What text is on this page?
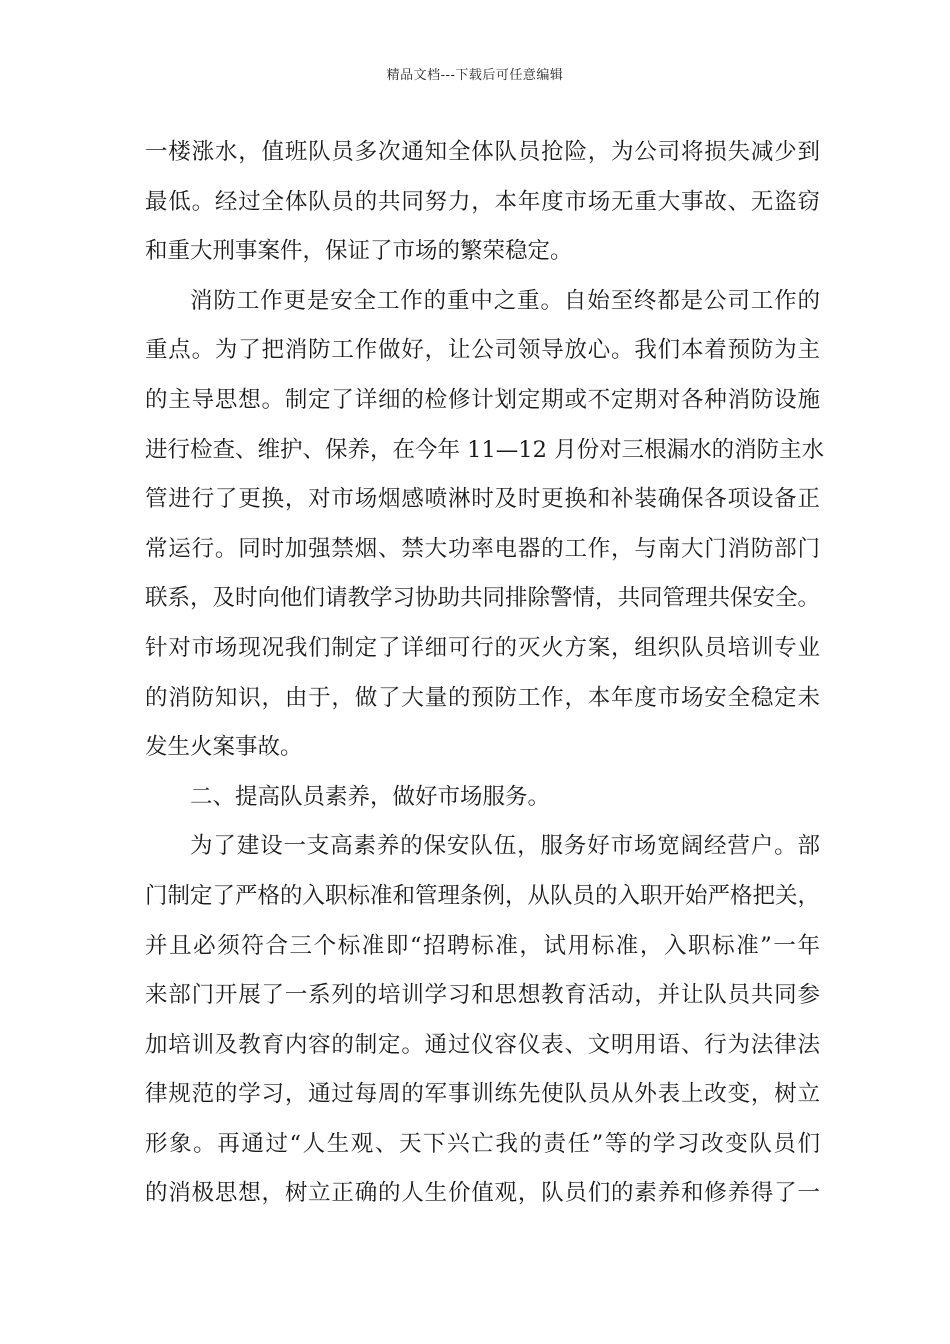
精品文档---下载后可任意编辑
一楼涨水，值班队员多次通知全体队员抢险，为公司将损失减少到
最低。经过全体队员的共同努力，本年度市场无重大事故、无盗窃
和重大刑事案件，保证了市场的繁荣稳定。
消防工作更是安全工作的重中之重。自始至终都是公司工作的
重点。为了把消防工作做好，让公司领导放心。我们本着预防为主
的主导思想。制定了详细的检修计划定期或不定期对各种消防设施
进行检查、维护、保养，在今年 11—12 月份对三根漏水的消防主水
管进行了更换，对市场烟感喷淋时及时更换和补装确保各项设备正
常运行。同时加强禁烟、禁大功率电器的工作，与南大门消防部门
联系，及时向他们请教学习协助共同排除警情，共同管理共保安全。
针对市场现况我们制定了详细可行的灭火方案，组织队员培训专业
的消防知识，由于，做了大量的预防工作，本年度市场安全稳定未
发生火案事故。
二、提高队员素养，做好市场服务。
为了建设一支高素养的保安队伍，服务好市场宽阔经营户。部
门制定了严格的入职标准和管理条例，从队员的入职开始严格把关，
并且必须符合三个标准即“招聘标准，试用标准，入职标准”一年
来部门开展了一系列的培训学习和思想教育活动，并让队员共同参
加培训及教育内容的制定。通过仪容仪表、文明用语、行为法律法
律规范的学习，通过每周的军事训练先使队员从外表上改变，树立
形象。再通过“人生观、天下兴亡我的责任”等的学习改变队员们
的消极思想，树立正确的人生价值观，队员们的素养和修养得了一
